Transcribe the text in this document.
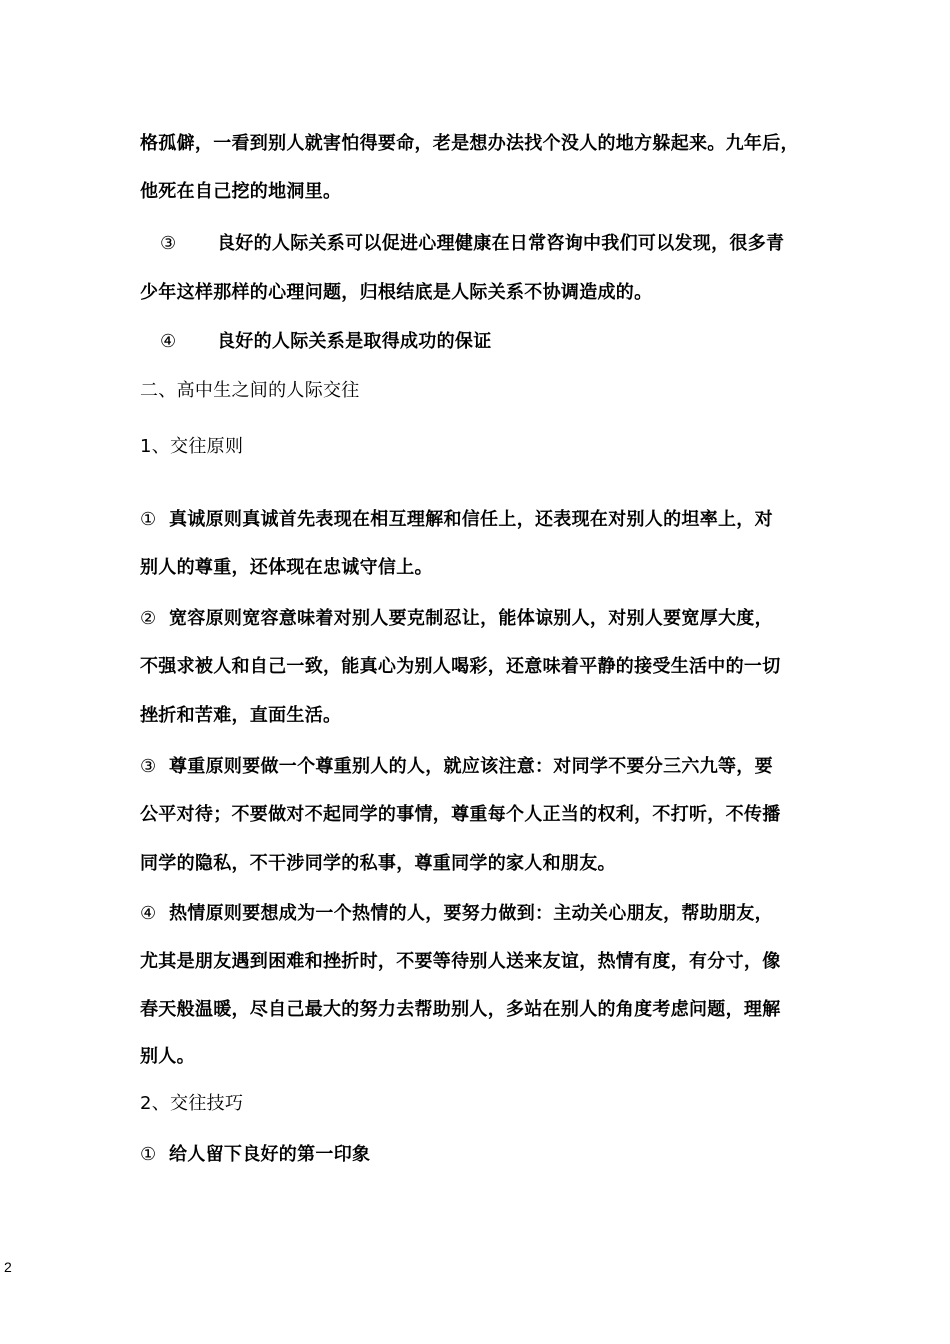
格孤僻，一看到别人就害怕得要命，老是想办法找个没人的地方躲起来。九年后，
他死在自己挖的地洞里。
③ 良好的人际关系可以促进心理健康在日常咨询中我们可以发现，很多青
少年这样那样的心理问题，归根结底是人际关系不协调造成的。
④ 良好的人际关系是取得成功的保证
二、高中生之间的人际交往
1、交往原则
① 真诚原则真诚首先表现在相互理解和信任上，还表现在对别人的坦率上，对
别人的尊重，还体现在忠诚守信上。
② 宽容原则宽容意味着对别人要克制忍让，能体谅别人，对别人要宽厚大度，
不强求被人和自己一致，能真心为别人喝彩，还意味着平静的接受生活中的一切
挫折和苦难，直面生活。
③ 尊重原则要做一个尊重别人的人，就应该注意：对同学不要分三六九等，要
公平对待；不要做对不起同学的事情，尊重每个人正当的权利，不打听，不传播
同学的隐私，不干涉同学的私事，尊重同学的家人和朋友。
④ 热情原则要想成为一个热情的人，要努力做到：主动关心朋友，帮助朋友，
尤其是朋友遇到困难和挫折时，不要等待别人送来友谊，热情有度，有分寸，像
春天般温暖，尽自己最大的努力去帮助别人，多站在别人的角度考虑问题，理解
别人。
2、交往技巧
① 给人留下良好的第一印象
2
